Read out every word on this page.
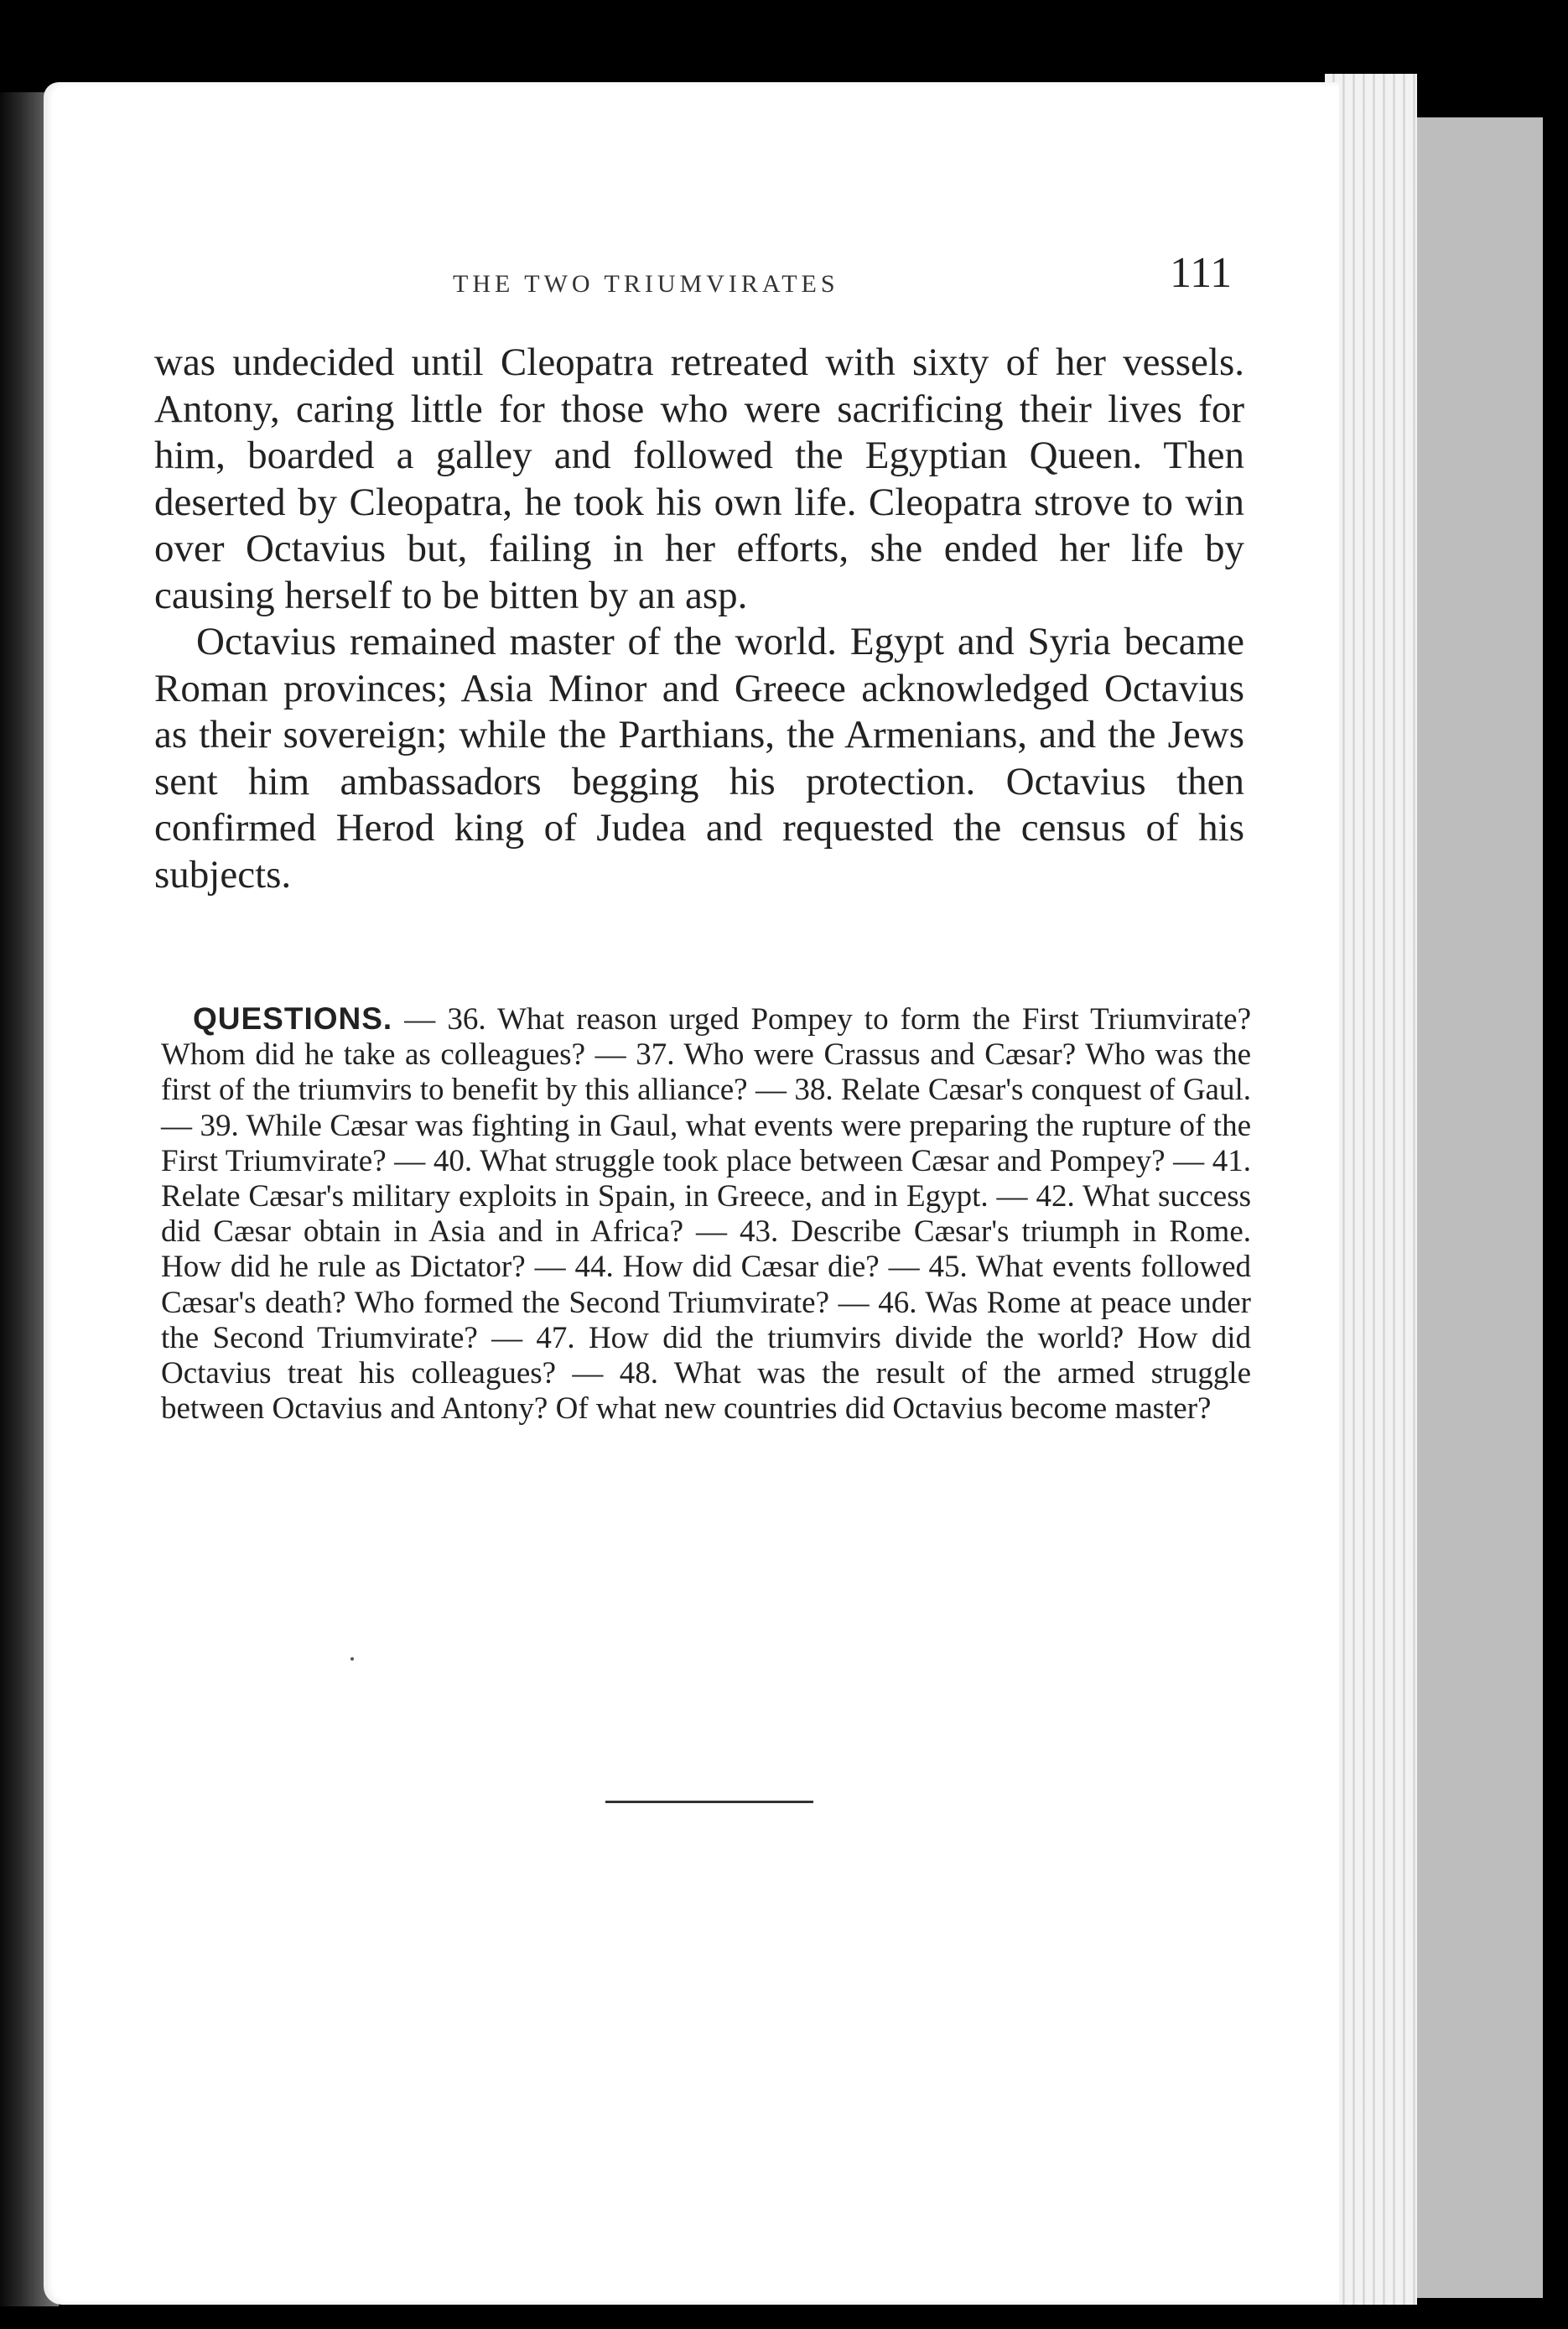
THE TWO TRIUMVIRATES	111

was undecided until Cleopatra retreated with sixty of her vessels. Antony, caring little for those who were sacrificing their lives for him, boarded a galley and followed the Egyptian Queen. Then deserted by Cleopatra, he took his own life. Cleopatra strove to win over Octavius but, failing in her efforts, she ended her life by causing herself to be bitten by an asp.

Octavius remained master of the world. Egypt and Syria became Roman provinces; Asia Minor and Greece acknowledged Octavius as their sovereign; while the Parthians, the Armenians, and the Jews sent him ambassadors begging his protection. Octavius then confirmed Herod king of Judea and requested the census of his subjects.

QUESTIONS. — 36. What reason urged Pompey to form the First Triumvirate? Whom did he take as colleagues? — 37. Who were Crassus and Cæsar? Who was the first of the triumvirs to benefit by this alliance? — 38. Relate Cæsar's conquest of Gaul. — 39. While Cæsar was fighting in Gaul, what events were preparing the rupture of the First Triumvirate? — 40. What struggle took place between Cæsar and Pompey? — 41. Relate Cæsar's military exploits in Spain, in Greece, and in Egypt. — 42. What success did Cæsar obtain in Asia and in Africa? — 43. Describe Cæsar's triumph in Rome. How did he rule as Dictator? — 44. How did Cæsar die? — 45. What events followed Cæsar's death? Who formed the Second Triumvirate? — 46. Was Rome at peace under the Second Triumvirate? — 47. How did the triumvirs divide the world? How did Octavius treat his colleagues? — 48. What was the result of the armed struggle between Octavius and Antony? Of what new countries did Octavius become master?
